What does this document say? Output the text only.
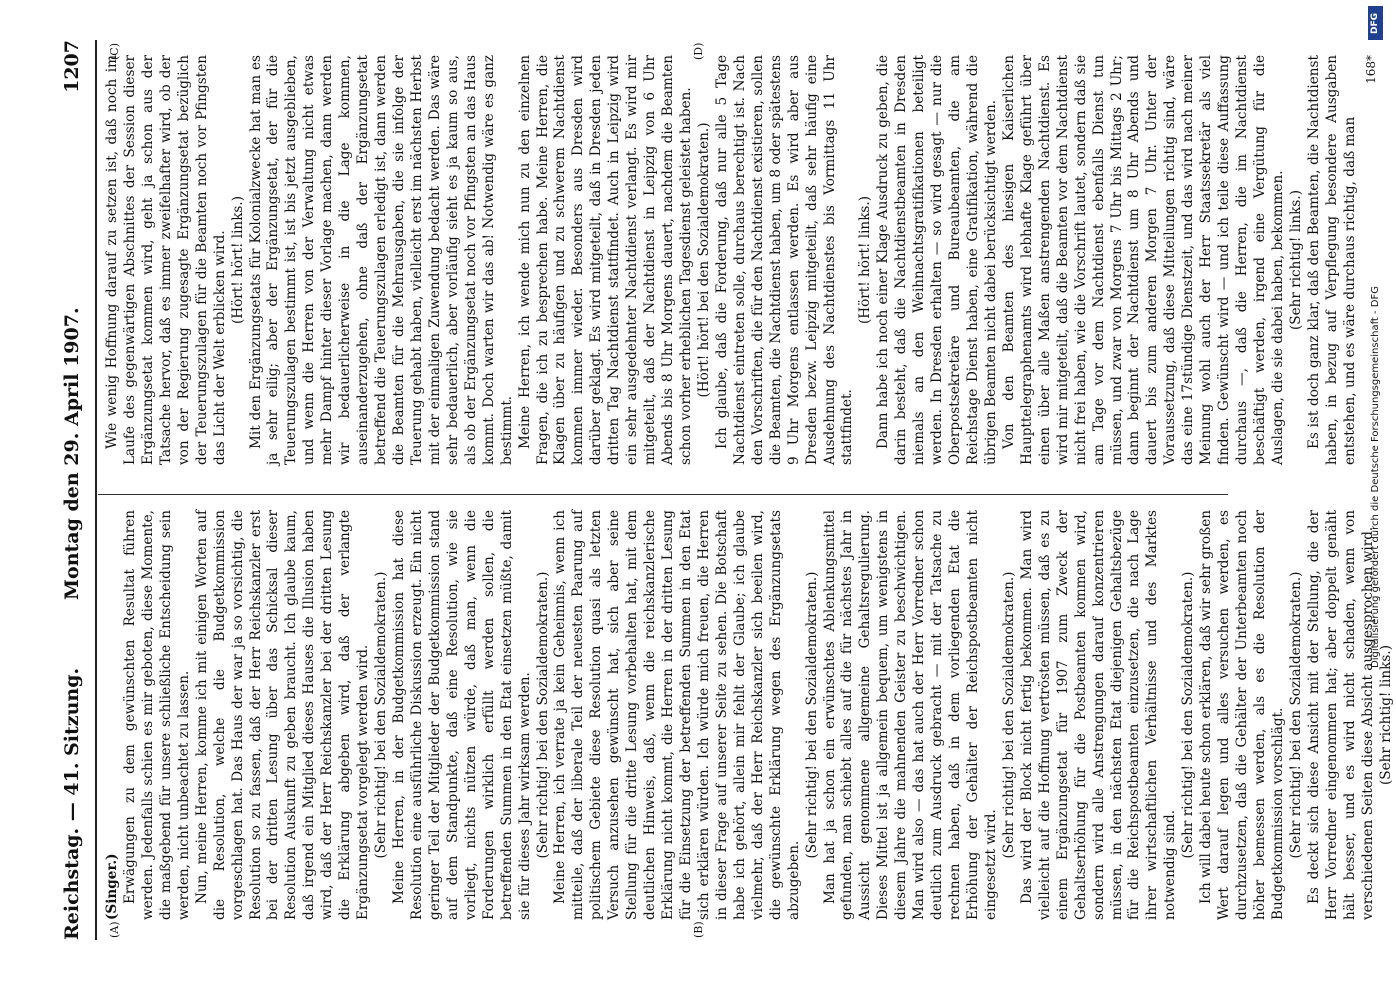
Reichstag. — 41. Sitzung.
Montag den 29. April 1907.
1207
(A)	(B)
(C)	(D)

(Singer.) Erwägungen zu dem gewünschten Resultat führen werden. Jedenfalls schien es mir geboten, diese Momente, die maßgebend für unsere schließliche Entscheidung sein werden, nicht unbeachtet zu lassen. Nun, meine Herren, komme ich mit einigen Worten auf die Resolution, welche die Budgetkommission vorgeschlagen hat. Das Haus der war ja so vorsichtig, die Resolution so zu fassen, daß der Herr Reichskanzler erst bei der dritten Lesung über das Schicksal dieser Resolution Auskunft zu geben braucht. Ich glaube kaum, daß irgend ein Mitglied dieses Hauses die Illusion haben wird, daß der Herr Reichskanzler bei der dritten Lesung die Erklärung abgeben wird, daß der verlangte Ergänzungsetat vorgelegt werden wird. (Sehr richtig! bei den Sozialdemokraten.) Meine Herren, in der Budgetkommission hat diese Resolution eine ausführliche Diskussion erzeugt. Ein nicht geringer Teil der Mitglieder der Budgetkommission stand auf dem Standpunkte, daß eine Resolution, wie sie vorliegt, nichts nützen würde, daß man, wenn die Forderungen wirklich erfüllt werden sollen, die betreffenden Summen in den Etat einsetzen müßte, damit sie für dieses Jahr wirksam werden. (Sehr richtig! bei den Sozialdemokraten.) Meine Herren, ich verrate ja kein Geheimnis, wenn ich mitteile, daß der liberale Teil der neuesten Paarung auf politischem Gebiete diese Resolution quasi als letzten Versuch anzusehen gewünscht hat, sich aber seine Stellung für die dritte Lesung vorbehalten hat, mit dem deutlichen Hinweis, daß, wenn die reichskanzlerische Erklärung nicht kommt, die Herren in der dritten Lesung für die Einsetzung der betreffenden Summen in den Etat sich erklären würden. Ich würde mich freuen, die Herren in dieser Frage auf unserer Seite zu sehen. Die Botschaft habe ich gehört, allein mir fehlt der Glaube; ich glaube vielmehr, daß der Herr Reichskanzler sich beeilen wird, die gewünschte Erklärung wegen des Ergänzungsetats abzugeben.

(Sehr richtig! bei den Sozialdemokraten.) Man hat ja schon ein erwünschtes Ablenkungsmittel gefunden, man schiebt alles auf die für nächstes Jahr in Aussicht genommene allgemeine Gehaltsregulierung. Dieses Mittel ist ja allgemein bequem, um wenigstens in diesem Jahre die mahnenden Geister zu beschwichtigen. Man wird also — das hat auch der Herr Vorredner schon deutlich zum Ausdruck gebracht — mit der Tatsache zu rechnen haben, daß in dem vorliegenden Etat die Erhöhung der Gehälter der Reichspostbeamten nicht eingesetzt wird.

(Sehr richtig! bei den Sozialdemokraten.) Das wird der Block nicht fertig bekommen. Man wird vielleicht auf die Hoffnung vertrösten müssen, daß es zu einem Ergänzungsetat für 1907 zum Zweck der Gehaltserhöhung für die Postbeamten kommen wird, sondern wird alle Anstrengungen darauf konzentrieren müssen, in den nächsten Etat diejenigen Gehaltsbezüge für die Reichspostbeamten einzusetzen, die nach Lage ihrer wirtschaftlichen Verhältnisse und des Marktes notwendig sind.

(Sehr richtig! bei den Sozialdemokraten.) Ich will dabei heute schon erklären, daß wir sehr großen Wert darauf legen und alles versuchen werden, es durchzusetzen, daß die Gehälter der Unterbeamten noch höher bemessen werden, als es die Resolution der Budgetkommission vorschlägt. (Sehr richtig! bei den Sozialdemokraten.) Es deckt sich diese Ansicht mit der Stellung, die der Herr Vorredner eingenommen hat; aber doppelt genäht hält besser, und es wird nicht schaden, wenn von verschiedenen Seiten diese Absicht ausgesprochen wird. (Sehr richtig! links.)

Wie wenig Hoffnung darauf zu setzen ist, daß noch im Laufe des gegenwärtigen Abschnittes der Session dieser Ergänzungsetat kommen wird, geht ja schon aus der Tatsache hervor, daß es immer zweifelhafter wird, ob der von der Regierung zugesagte Ergänzungsetat bezüglich der Teuerungszulagen für die Beamten noch vor Pfingsten das Licht der Welt erblicken wird. (Hört! hört! links.) Mit den Ergänzungsetats für Kolonialzwecke hat man es ja sehr eilig; aber der Ergänzungsetat, der für die Teuerungszulagen bestimmt ist, ist bis jetzt ausgeblieben, und wenn die Herren von der Verwaltung nicht etwas mehr Dampf hinter dieser Vorlage machen, dann werden wir bedauerlicherweise in die Lage kommen, auseinanderzugehen, ohne daß der Ergänzungsetat betreffend die Teuerungszulagen erledigt ist, dann werden die Beamten für die Mehrausgaben, die sie infolge der Teuerung gehabt haben, vielleicht erst im nächsten Herbst mit der einmaligen Zuwendung bedacht werden. Das wäre sehr bedauerlich, aber vorläufig sieht es ja kaum so aus, als ob der Ergänzungsetat noch vor Pfingsten an das Haus kommt. Doch warten wir das ab! Notwendig wäre es ganz bestimmt. Meine Herren, ich wende mich nun zu den einzelnen Fragen, die ich zu besprechen habe. Meine Herren, die Klagen über zu häufigen und zu schwerem Nachtdienst kommen immer wieder. Besonders aus Dresden wird darüber geklagt. Es wird mitgeteilt, daß in Dresden jeden dritten Tag Nachtdienst stattfindet. Auch in Leipzig wird ein sehr ausgedehnter Nachtdienst verlangt. Es wird mir mitgeteilt, daß der Nachtdienst in Leipzig von 6 Uhr Abends bis 8 Uhr Morgens dauert, nachdem die Beamten schon vorher erheblichen Tagesdienst geleistet haben. (Hört! hört! bei den Sozialdemokraten.) Ich glaube, daß die Forderung, daß nur alle 5 Tage Nachtdienst eintreten solle, durchaus berechtigt ist. Nach den Vorschriften, die für den Nachtdienst existieren, sollen die Beamten, die Nachtdienst haben, um 8 oder spätestens 9 Uhr Morgens entlassen werden. Es wird aber aus Dresden bezw. Leipzig mitgeteilt, daß sehr häufig eine Ausdehnung des Nachtdienstes bis Vormittags 11 Uhr stattfindet.

(Hört! hört! links.) Dann habe ich noch einer Klage Ausdruck zu geben, die darin besteht, daß die Nachtdienstbeamten in Dresden niemals an den Weihnachtsgratifikationen beteiligt werden. In Dresden erhalten — so wird gesagt — nur die Oberpostsekretäre und Bureaubeamten, die am Reichstage Dienst haben, eine Gratifikation, während die übrigen Beamten nicht dabei berücksichtigt werden. Von den Beamten des hiesigen Kaiserlichen Haupttelegraphenamts wird lebhafte Klage geführt über einen über alle Maßen anstrengenden Nachtdienst. Es wird mir mitgeteilt, daß die Beamten vor dem Nachtdienst nicht frei haben, wie die Vorschrift lautet, sondern daß sie am Tage vor dem Nachtdienst ebenfalls Dienst tun müssen, und zwar von Morgens 7 Uhr bis Mittags 2 Uhr; dann beginnt der Nachtdienst um 8 Uhr Abends und dauert bis zum anderen Morgen 7 Uhr. Unter der Voraussetzung, daß diese Mitteilungen richtig sind, wäre das eine 17stündige Dienstzeit, und das wird nach meiner Meinung wohl auch der Herr Staatssekretär als viel finden. Gewünscht wird — und ich teile diese Auffassung durchaus —, daß die Herren, die im Nachtdienst beschäftigt werden, irgend eine Vergütung für die Auslagen, die sie dabei haben, bekommen. (Sehr richtig! links.) Es ist doch ganz klar, daß den Beamten, die Nachtdienst haben, in bezug auf Verpflegung besondere Ausgaben entstehen, und es wäre durchaus richtig, daß man

168*

DFG
Digitalisierung gefördert durch die Deutsche Forschungsgemeinschaft - DFG
